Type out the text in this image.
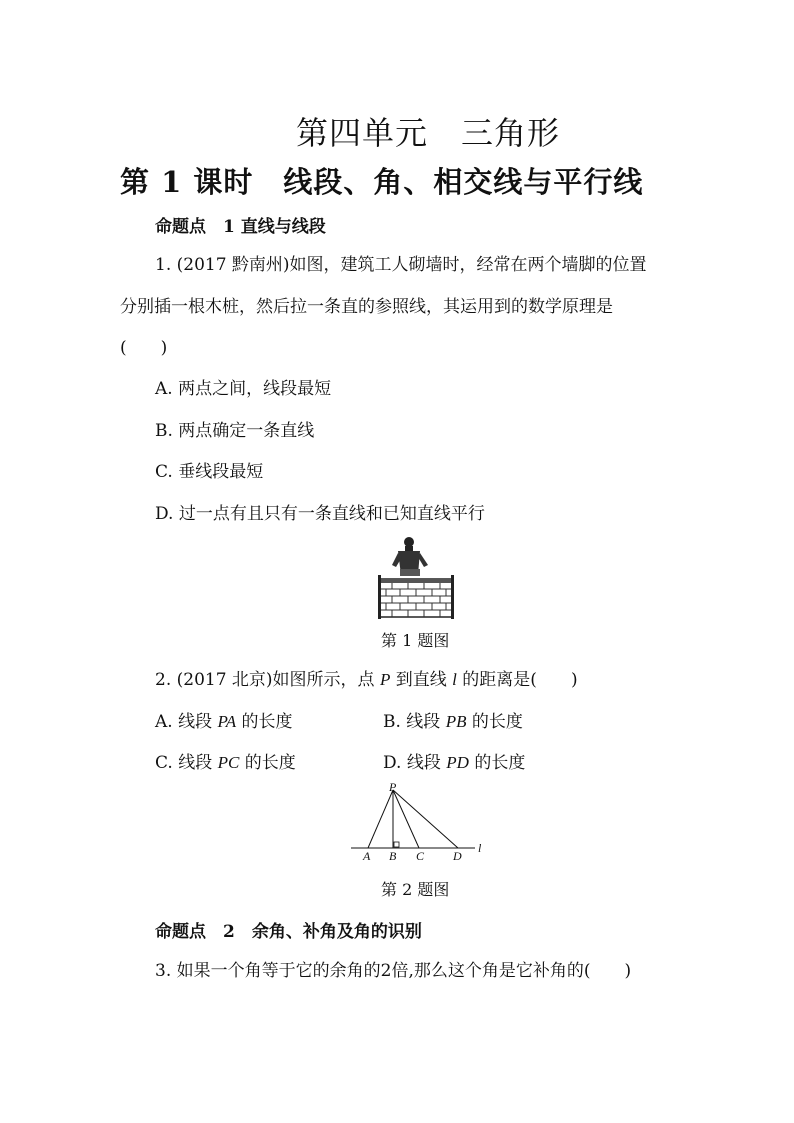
第四单元　三角形
第 1 课时　线段、角、相交线与平行线
命题点　1 直线与线段
1. (2017 黔南州)如图，建筑工人砌墙时，经常在两个墙脚的位置
分别插一根木桩，然后拉一条直的参照线，其运用到的数学原理是
(　　)
A. 两点之间，线段最短
B. 两点确定一条直线
C. 垂线段最短
D. 过一点有且只有一条直线和已知直线平行
第 1 题图
2. (2017 北京)如图所示，点 P 到直线 l 的距离是(　　)
A. 线段 PA 的长度	B. 线段 PB 的长度
C. 线段 PC 的长度	D. 线段 PD 的长度
P
A B C D
l
第 2 题图
命题点　2　余角、补角及角的识别
3. 如果一个角等于它的余角的2倍,那么这个角是它补角的(　　)
